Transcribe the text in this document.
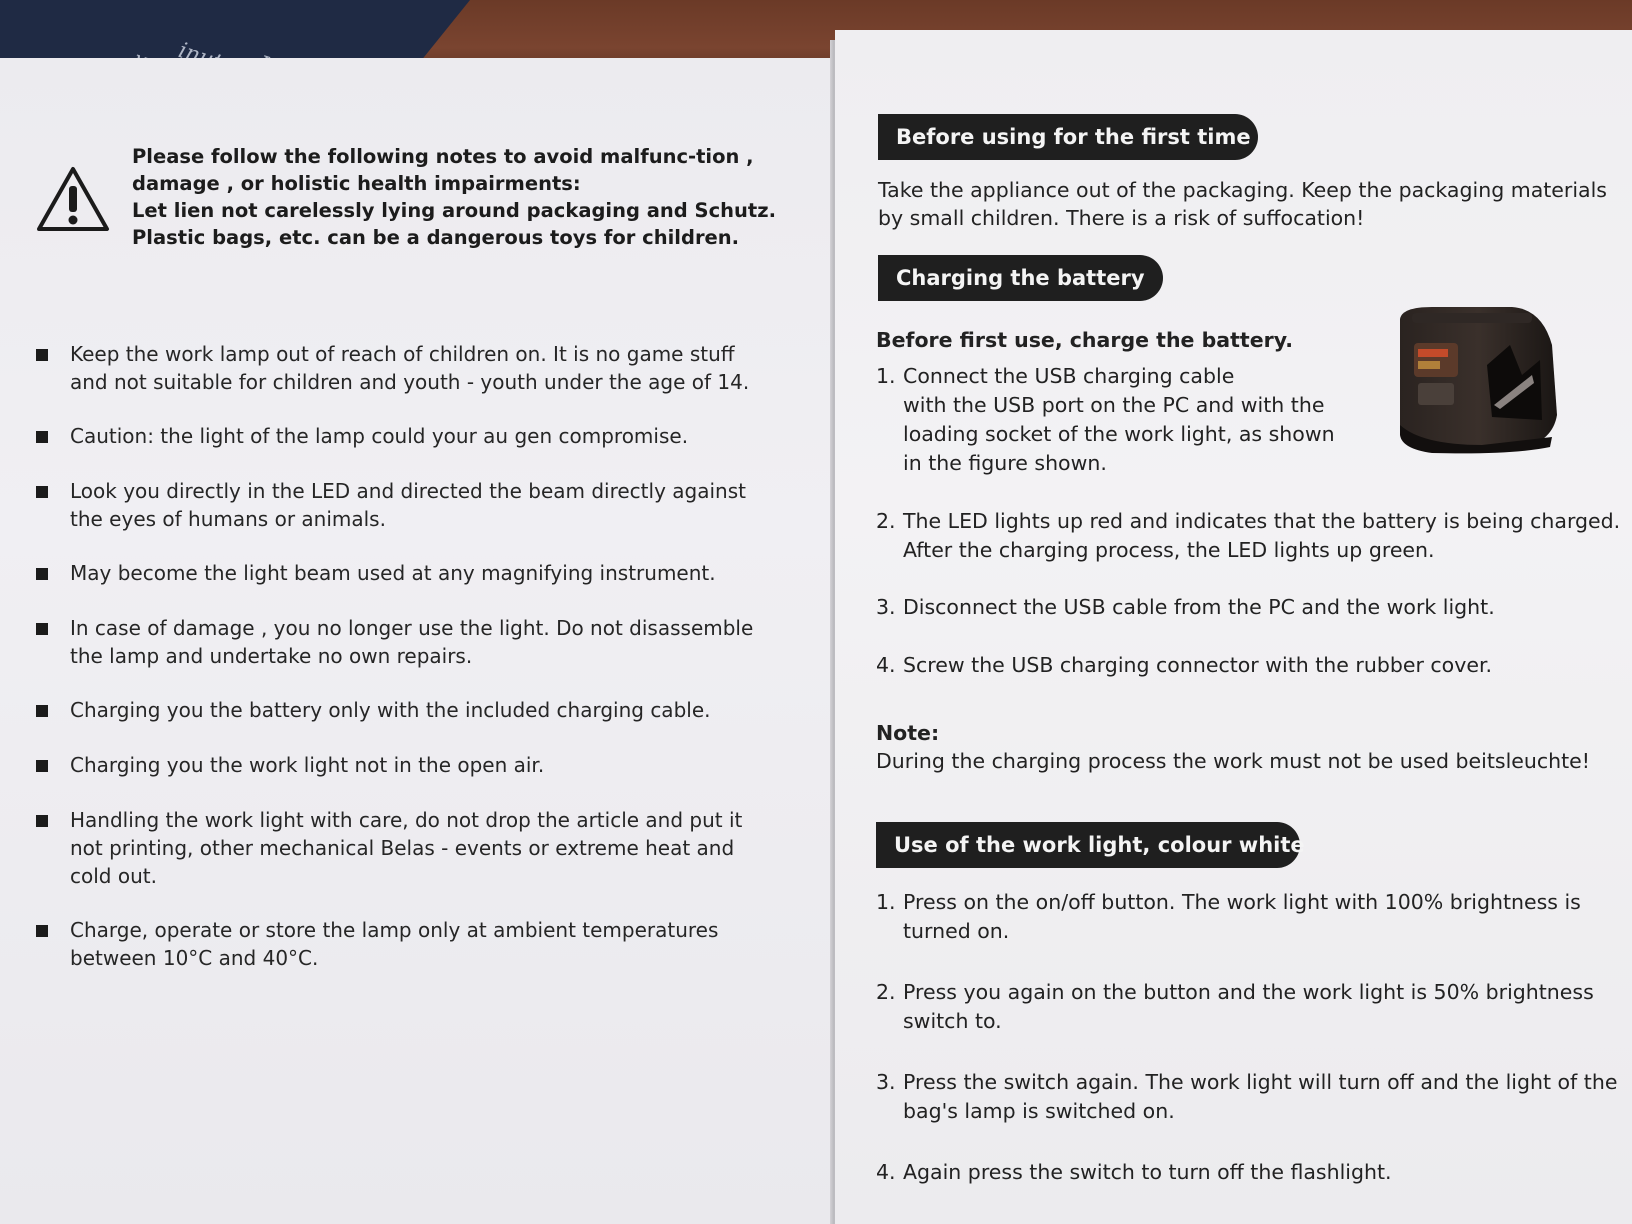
Please follow the following notes to avoid malfunc-tion ,
damage , or holistic health impairments:
Let lien not carelessly lying around packaging and Schutz.
Plastic bags, etc. can be a dangerous toys for children.
Keep the work lamp out of reach of children on. It is no game stuff
and not suitable for children and youth - youth under the age of 14.
Caution: the light of the lamp could your au gen compromise.
Look you directly in the LED and directed the beam directly against
the eyes of humans or animals.
May become the light beam used at any magnifying instrument.
In case of damage , you no longer use the light. Do not disassemble
the lamp and undertake no own repairs.
Charging you the battery only with the included charging cable.
Charging you the work light not in the open air.
Handling the work light with care, do not drop the article and put it
not printing, other mechanical Belas - events or extreme heat and
cold out.
Charge, operate or store the lamp only at ambient temperatures
between 10°C and 40°C.
Before using for the first time
Take the appliance out of the packaging. Keep the packaging materials
by small children. There is a risk of suffocation!
Charging the battery
Before first use, charge the battery.
1. Connect the USB charging cable
with the USB port on the PC and with the
loading socket of the work light, as shown
in the figure shown.
2. The LED lights up red and indicates that the battery is being charged.
After the charging process, the LED lights up green.
3. Disconnect the USB cable from the PC and the work light.
4. Screw the USB charging connector with the rubber cover.
Note:
During the charging process the work must not be used beitsleuchte!
Use of the work light, colour white
1. Press on the on/off button. The work light with 100% brightness is
turned on.
2. Press you again on the button and the work light is 50% brightness
switch to.
3. Press the switch again. The work light will turn off and the light of the
bag's lamp is switched on.
4. Again press the switch to turn off the flashlight.
